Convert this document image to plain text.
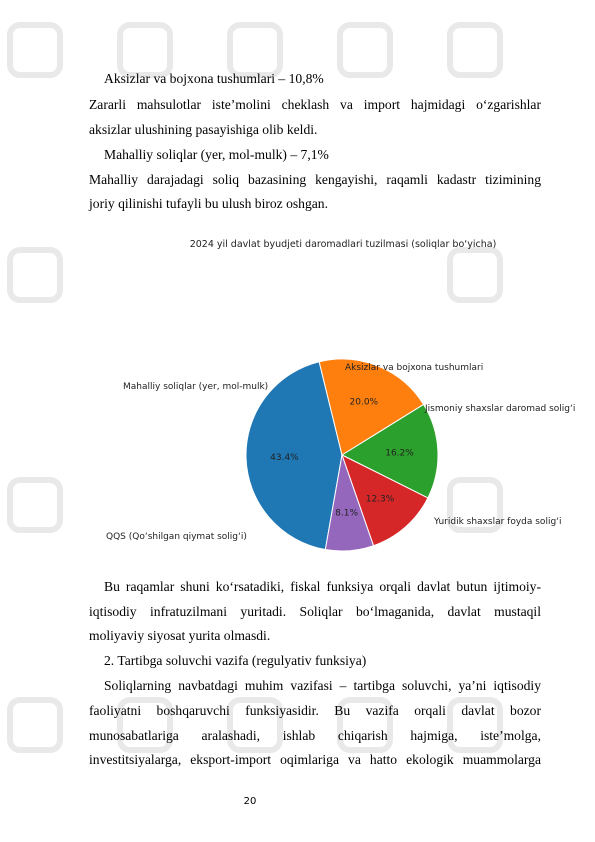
Aksizlar va bojxona tushumlari – 10,8%
Zararli mahsulotlar iste’molini cheklash va import hajmidagi o‘zgarishlar
aksizlar ulushining pasayishiga olib keldi.
Mahalliy soliqlar (yer, mol-mulk) – 7,1%
Mahalliy darajadagi soliq bazasining kengayishi, raqamli kadastr tizimining
joriy qilinishi tufayli bu ulush biroz oshgan.
2024 yil davlat byudjeti daromadlari tuzilmasi (soliqlar bo‘yicha)
43.4%
QQS (Qo‘shilgan qiymat solig‘i)
20.0%
Yuridik shaxslar foyda solig‘i
16.2%
Jismoniy shaxslar daromad solig‘i
12.3%
Aksizlar va bojxona tushumlari
8.1%
Mahalliy soliqlar (yer, mol-mulk)
Bu raqamlar shuni ko‘rsatadiki, fiskal funksiya orqali davlat butun ijtimoiy-
iqtisodiy infratuzilmani yuritadi. Soliqlar bo‘lmaganida, davlat mustaqil
moliyaviy siyosat yurita olmasdi.
2. Tartibga soluvchi vazifa (regulyativ funksiya)
Soliqlarning navbatdagi muhim vazifasi – tartibga soluvchi, ya’ni iqtisodiy
faoliyatni boshqaruvchi funksiyasidir. Bu vazifa orqali davlat bozor
munosabatlariga aralashadi, ishlab chiqarish hajmiga, iste’molga,
investitsiyalarga, eksport-import oqimlariga va hatto ekologik muammolarga
20
